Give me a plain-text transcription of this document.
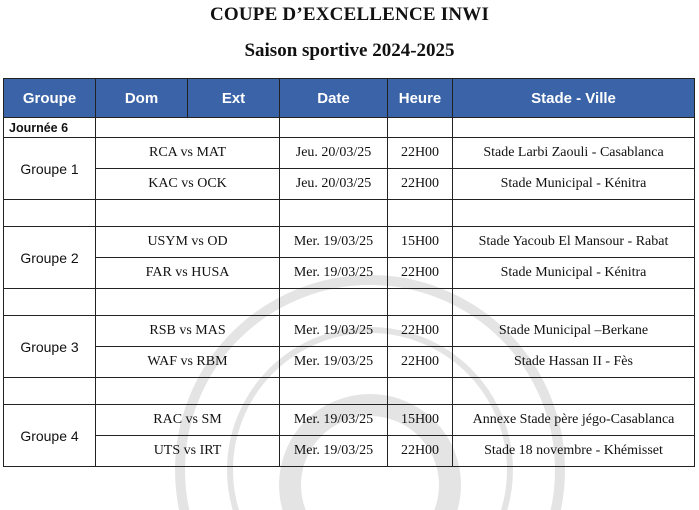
COUPE D’EXCELLENCE INWI
Saison sportive 2024-2025
Groupe	Dom	Ext	Date	Heure	Stade - Ville
Journée 6					
Groupe 1	RCA vs MAT		Jeu. 20/03/25	22H00	Stade Larbi Zaouli - Casablanca
	KAC vs OCK		Jeu. 20/03/25	22H00	Stade Municipal - Kénitra

Groupe 2	USYM vs OD		Mer. 19/03/25	15H00	Stade Yacoub El Mansour - Rabat
	FAR vs HUSA		Mer. 19/03/25	22H00	Stade Municipal - Kénitra

Groupe 3	RSB vs MAS		Mer. 19/03/25	22H00	Stade Municipal –Berkane
	WAF vs RBM		Mer. 19/03/25	22H00	Stade Hassan II - Fès

Groupe 4	RAC vs SM		Mer. 19/03/25	15H00	Annexe Stade père jégo-Casablanca
	UTS vs IRT		Mer. 19/03/25	22H00	Stade 18 novembre - Khémisset
